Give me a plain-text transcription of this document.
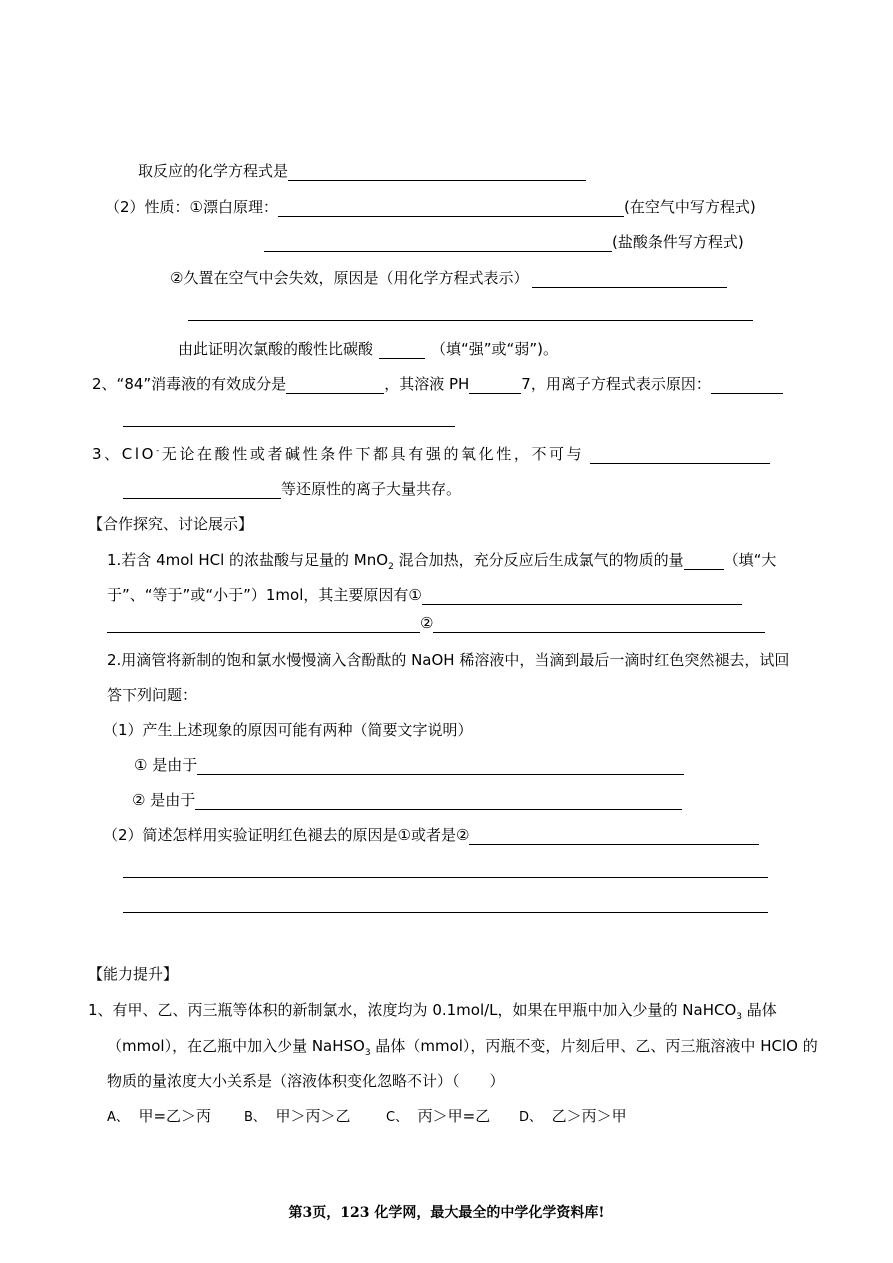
取反应的化学方程式是
（2）性质：①漂白原理：	(在空气中写方程式)
(盐酸条件写方程式)
②久置在空气中会失效，原因是（用化学方程式表示）
由此证明次氯酸的酸性比碳酸	（填“强”或“弱”)。
2、“84”消毒液的有效成分是	，其溶液 PH	7，用离子方程式表示原因：
3、ClO-无论在酸性或者碱性条件下都具有强的氧化性，不可与
等还原性的离子大量共存。
【合作探究、讨论展示】
1.若含 4mol HCl 的浓盐酸与足量的 MnO$_2$ 混合加热，充分反应后生成氯气的物质的量	（填“大
于”、“等于”或“小于”）1mol，其主要原因有①
②
2.用滴管将新制的饱和氯水慢慢滴入含酚酞的 NaOH 稀溶液中，当滴到最后一滴时红色突然褪去，试回
答下列问题：
（1）产生上述现象的原因可能有两种（简要文字说明）
① 是由于
② 是由于
（2）简述怎样用实验证明红色褪去的原因是①或者是②
【能力提升】
1、有甲、乙、丙三瓶等体积的新制氯水，浓度均为 0.1mol/L，如果在甲瓶中加入少量的 NaHCO$_3$ 晶体
（mmol），在乙瓶中加入少量 NaHSO$_3$ 晶体（mmol），丙瓶不变，片刻后甲、乙、丙三瓶溶液中 HClO 的
物质的量浓度大小关系是（溶液体积变化忽略不计）（　　）
A、 甲=乙＞丙	B、 甲＞丙＞乙	C、 丙＞甲=乙 D、 乙＞丙＞甲
第3页，123 化学网，最大最全的中学化学资料库!
